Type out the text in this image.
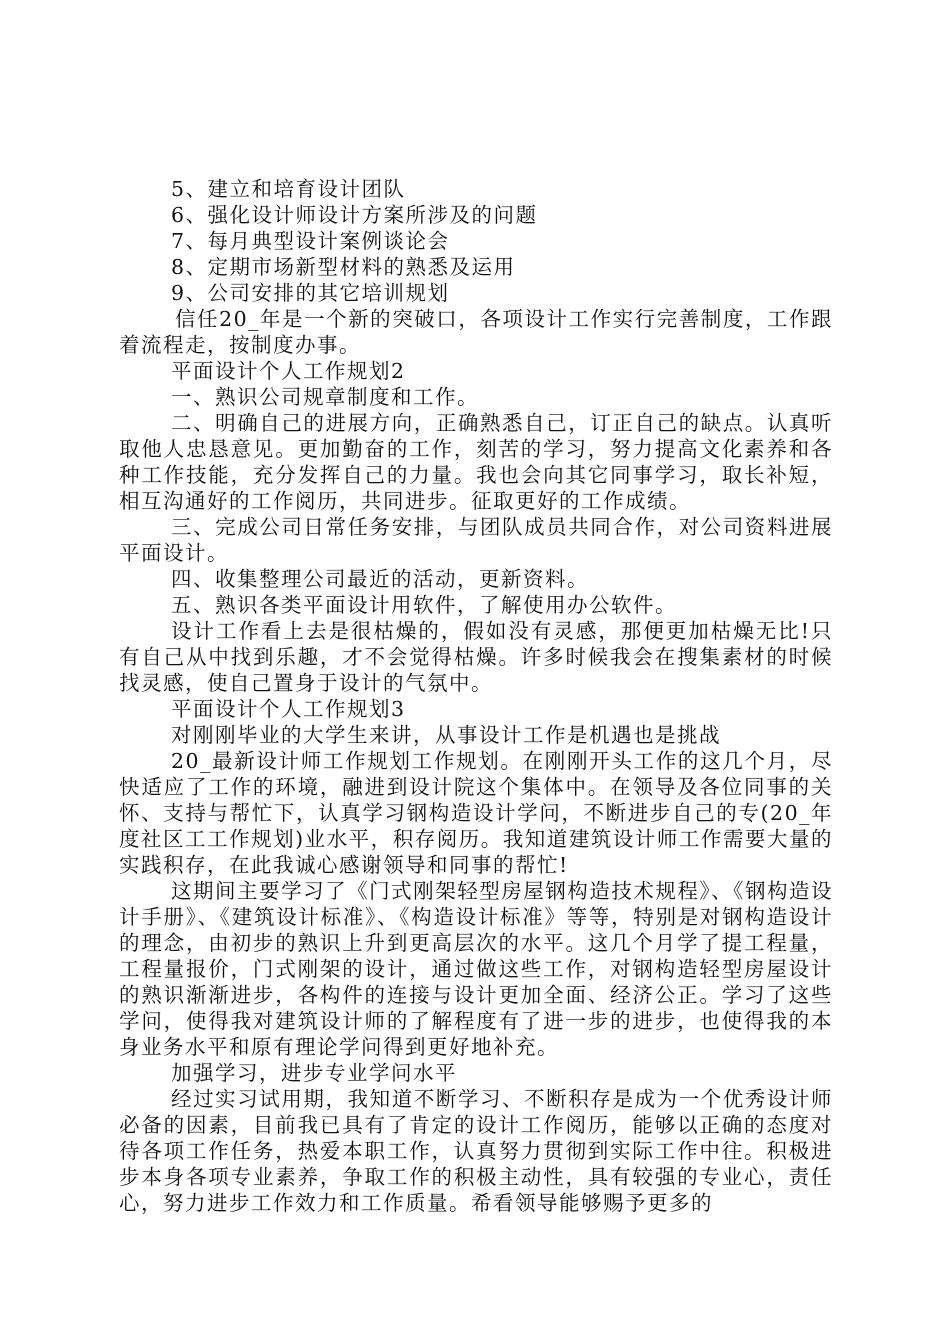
5、建立和培育设计团队

6、强化设计师设计方案所涉及的问题

7、每月典型设计案例谈论会

8、定期市场新型材料的熟悉及运用

9、公司安排的其它培训规划

信任20_年是一个新的突破口，各项设计工作实行完善制度，工作跟着流程走，按制度办事。

平面设计个人工作规划2

一、熟识公司规章制度和工作。

二、明确自己的进展方向，正确熟悉自己，订正自己的缺点。认真听取他人忠恳意见。更加勤奋的工作，刻苦的学习，努力提高文化素养和各种工作技能，充分发挥自己的力量。我也会向其它同事学习，取长补短，相互沟通好的工作阅历，共同进步。征取更好的工作成绩。

三、完成公司日常任务安排，与团队成员共同合作，对公司资料进展平面设计。

四、收集整理公司最近的活动，更新资料。

五、熟识各类平面设计用软件，了解使用办公软件。

设计工作看上去是很枯燥的，假如没有灵感，那便更加枯燥无比!只有自己从中找到乐趣，才不会觉得枯燥。许多时候我会在搜集素材的时候找灵感，使自己置身于设计的气氛中。

平面设计个人工作规划3

对刚刚毕业的大学生来讲，从事设计工作是机遇也是挑战

20_最新设计师工作规划工作规划。在刚刚开头工作的这几个月，尽快适应了工作的环境，融进到设计院这个集体中。在领导及各位同事的关怀、支持与帮忙下，认真学习钢构造设计学问，不断进步自己的专(20_年度社区工工作规划)业水平，积存阅历。我知道建筑设计师工作需要大量的实践积存，在此我诚心感谢领导和同事的帮忙!

这期间主要学习了《门式刚架轻型房屋钢构造技术规程》、《钢构造设计手册》、《建筑设计标准》、《构造设计标准》等等，特别是对钢构造设计的理念，由初步的熟识上升到更高层次的水平。这几个月学了提工程量，工程量报价，门式刚架的设计，通过做这些工作，对钢构造轻型房屋设计的熟识渐渐进步，各构件的连接与设计更加全面、经济公正。学习了这些学问，使得我对建筑设计师的了解程度有了进一步的进步，也使得我的本身业务水平和原有理论学问得到更好地补充。

加强学习，进步专业学问水平

经过实习试用期，我知道不断学习、不断积存是成为一个优秀设计师必备的因素，目前我已具有了肯定的设计工作阅历，能够以正确的态度对待各项工作任务，热爱本职工作，认真努力贯彻到实际工作中往。积极进步本身各项专业素养，争取工作的积极主动性，具有较强的专业心，责任心，努力进步工作效力和工作质量。希看领导能够赐予更多的
